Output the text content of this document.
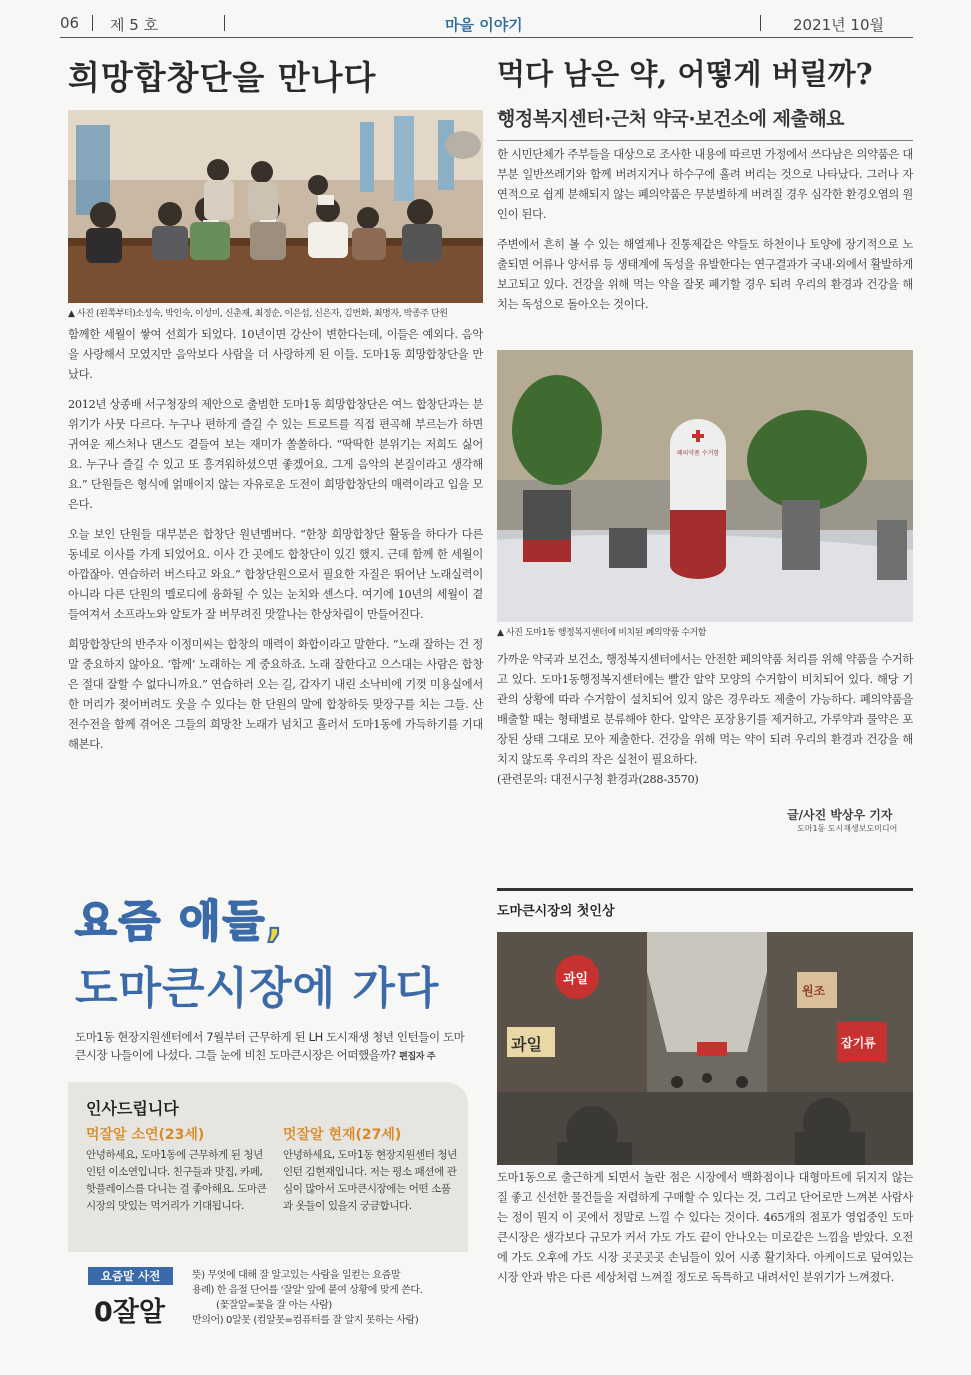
06 제 5 호	마을 이야기	2021년 10월
희망합창단을 만나다
▲ 사진 (왼쪽부터)소성숙, 박인숙, 이성미, 신춘재, 최정순, 이은섭, 신은자, 김번화, 최명자, 박종주 단원

함께한 세월이 쌓여 선희가 되었다. 10년이면 강산이 변한다는데, 이들은 예외다. 음악을 사랑해서 모였지만 음악보다 사람을 더 사랑하게 된 이들. 도마1동 희망합창단을 만났다.

2012년 상종배 서구청장의 제안으로 출범한 도마1동 희망합창단은 여느 합창단과는 분위기가 사뭇 다르다. 누구나 편하게 즐길 수 있는 트로트를 직접 편곡해 부르는가 하면 귀여운 제스처나 댄스도 곁들여 보는 재미가 쏠쏠하다. “딱딱한 분위기는 저희도 싫어요. 누구나 즐길 수 있고 또 흥겨워하셨으면 좋겠어요. 그게 음악의 본질이라고 생각해요.” 단원들은 형식에 얽매이지 않는 자유로운 도전이 희망합창단의 매력이라고 입을 모은다.

오늘 보인 단원들 대부분은 합창단 원년멤버다. “한창 희망합창단 활동을 하다가 다른 동네로 이사를 가게 되었어요. 이사 간 곳에도 합창단이 있긴 했지. 근데 함께 한 세월이 아깝잖아. 연습하러 버스타고 와요.” 합창단원으로서 필요한 자질은 뛰어난 노래실력이 아니라 다른 단원의 멜로디에 융화될 수 있는 눈치와 센스다. 여기에 10년의 세월이 곁들여져서 소프라노와 알토가 잘 버무려진 맛깔나는 한상차림이 만들어진다.

희망합창단의 반주자 이정미씨는 합창의 매력이 화합이라고 말한다. “노래 잘하는 건 정말 중요하지 않아요. ‘함께’ 노래하는 게 중요하죠. 노래 잘한다고 으스대는 사람은 합창은 절대 잘할 수 없다니까요.” 연습하러 오는 길, 갑자기 내린 소낙비에 기껏 미용실에서 한 머리가 젖어버려도 웃을 수 있다는 한 단원의 말에 합창하듯 맞장구를 치는 그들. 산전수전을 함께 겪어온 그들의 희망찬 노래가 넘치고 흘러서 도마1동에 가득하기를 기대해본다.

먹다 남은 약, 어떻게 버릴까?
행정복지센터·근처 약국·보건소에 제출해요

한 시민단체가 주부들을 대상으로 조사한 내용에 따르면 가정에서 쓰다남은 의약품은 대부분 일반쓰레기와 함께 버려지거나 하수구에 흘려 버리는 것으로 나타났다. 그러나 자연적으로 쉽게 분해되지 않는 폐의약품은 무분별하게 버려질 경우 심각한 환경오염의 원인이 된다.

주변에서 흔히 볼 수 있는 해열제나 진통제같은 약들도 하천이나 토양에 장기적으로 노출되면 어류나 양서류 등 생태계에 독성을 유발한다는 연구결과가 국내·외에서 활발하게 보고되고 있다. 건강을 위해 먹는 약을 잘못 폐기할 경우 되려 우리의 환경과 건강을 해치는 독성으로 돌아오는 것이다.

폐의약품 수거함
▲ 사진 도마1동 행정복지센터에 비치된 폐의약품 수거함

가까운 약국과 보건소, 행정복지센터에서는 안전한 폐의약품 처리를 위해 약품을 수거하고 있다. 도마1동행정복지센터에는 빨간 알약 모양의 수거함이 비치되어 있다. 해당 기관의 상황에 따라 수거함이 설치되어 있지 않은 경우라도 제출이 가능하다. 폐의약품을 배출할 때는 형태별로 분류해야 한다. 알약은 포장용기를 제거하고, 가루약과 물약은 포장된 상태 그대로 모아 제출한다. 건강을 위해 먹는 약이 되려 우리의 환경과 건강을 해치지 않도록 우리의 작은 실천이 필요하다.

(관련문의: 대전시구청 환경과(288-3570)
글/사진 박상우 기자
도마1동 도시재생보도미디어
요즘 애들,
도마큰시장에 가다
도마1동 현장지원센터에서 7월부터 근무하게 된 LH 도시재생 청년 인턴들이 도마큰시장 나들이에 나섰다. 그들 눈에 비친 도마큰시장은 어떠했을까? 편집자 주
인사드립니다
먹잘알 소연(23세)
안녕하세요, 도마1동에 근무하게 된 청년인턴 이소연입니다. 친구들과 맛집, 카페, 핫플레이스를 다니는 걸 좋아해요. 도마큰시장의 맛있는 먹거리가 기대됩니다.
멋잘알 현재(27세)
안녕하세요, 도마1동 현장지원센터 청년인턴 김현재입니다. 저는 평소 패션에 관심이 많아서 도마큰시장에는 어떤 소품과 옷들이 있을지 궁금합니다.
요즘말 사전
0잘알
뜻) 무엇에 대해 잘 알고있는 사람을 일컫는 요즘말
용례) 한 음절 단어를 '잘알' 앞에 붙여 상황에 맞게 쓴다.
(꽃잘알=꽃을 잘 아는 사람)
반의어) 0알못 (컴알못=컴퓨터를 잘 알지 못하는 사람)
도마큰시장의 첫인상
과일
과일
원조
잡기류

도마1동으로 출근하게 되면서 놀란 점은 시장에서 백화점이나 대형마트에 뒤지지 않는 질 좋고 신선한 물건들을 저렴하게 구매할 수 있다는 것, 그리고 단어로만 느껴본 사람사는 정이 뭔지 이 곳에서 정말로 느낄 수 있다는 것이다. 465개의 점포가 영업중인 도마큰시장은 생각보다 규모가 커서 가도 가도 끝이 안나오는 미로같은 느낌을 받았다. 오전에 가도 오후에 가도 시장 곳곳곳곳 손님들이 있어 시종 활기차다. 아케이드로 덮여있는 시장 안과 밖은 다른 세상처럼 느껴질 정도로 독특하고 내려서인 분위기가 느껴졌다.
